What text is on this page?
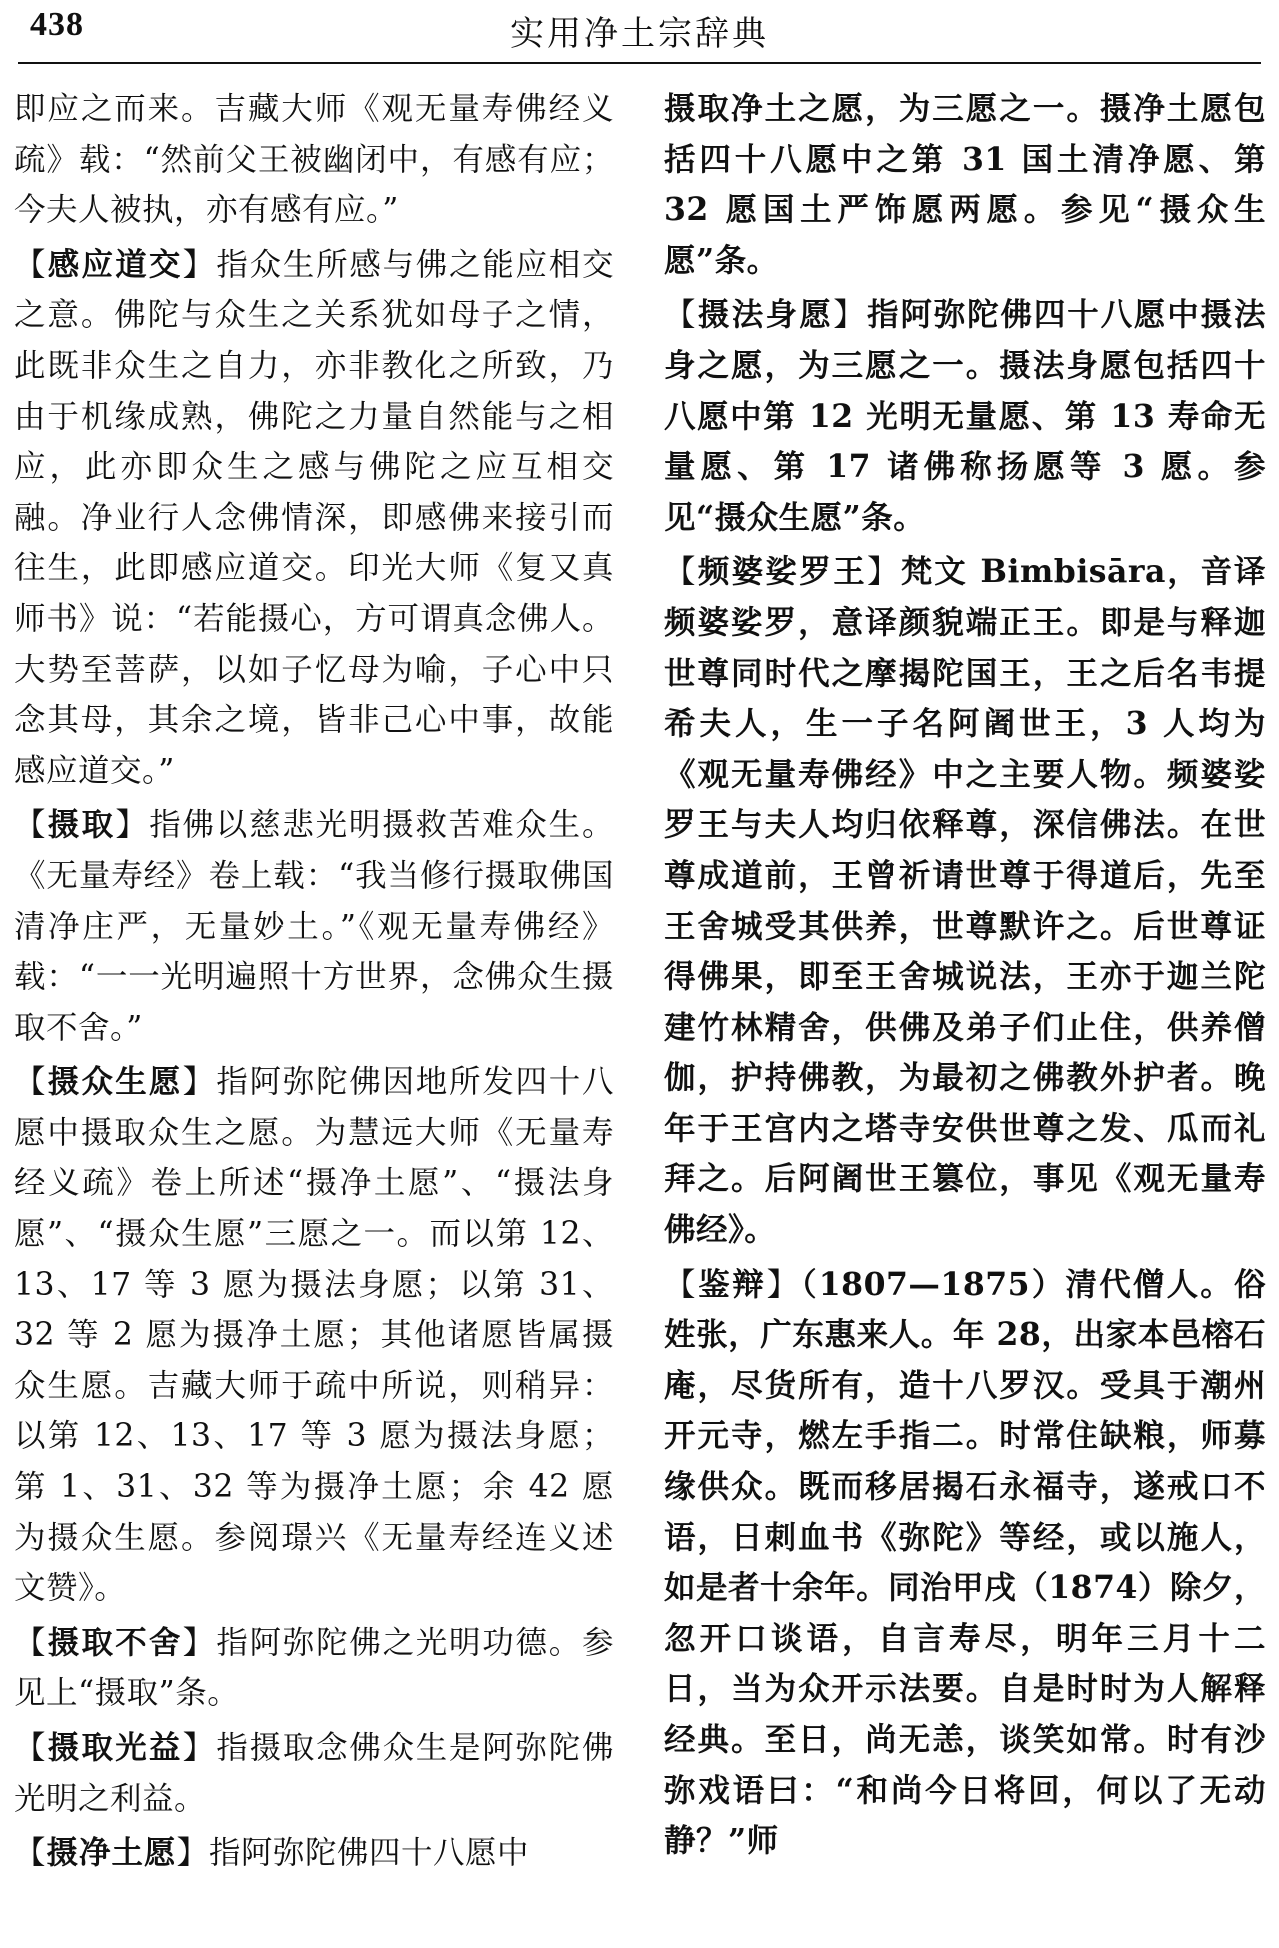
438	实用净土宗辞典

即应之而来。吉藏大师《观无量寿佛经义疏》载：“然前父王被幽闭中，有感有应；今夫人被执，亦有感有应。”

【感应道交】指众生所感与佛之能应相交之意。佛陀与众生之关系犹如母子之情，此既非众生之自力，亦非教化之所致，乃由于机缘成熟，佛陀之力量自然能与之相应，此亦即众生之感与佛陀之应互相交融。净业行人念佛情深，即感佛来接引而往生，此即感应道交。印光大师《复又真师书》说：“若能摄心，方可谓真念佛人。大势至菩萨，以如子忆母为喻，子心中只念其母，其余之境，皆非己心中事，故能感应道交。”

【摄取】指佛以慈悲光明摄救苦难众生。《无量寿经》卷上载：“我当修行摄取佛国清净庄严，无量妙土。”《观无量寿佛经》载：“一一光明遍照十方世界，念佛众生摄取不舍。”

【摄众生愿】指阿弥陀佛因地所发四十八愿中摄取众生之愿。为慧远大师《无量寿经义疏》卷上所述“摄净土愿”、“摄法身愿”、“摄众生愿”三愿之一。而以第 12、13、17 等 3 愿为摄法身愿；以第 31、32 等 2 愿为摄净土愿；其他诸愿皆属摄众生愿。吉藏大师于疏中所说，则稍异：以第 12、13、17 等 3 愿为摄法身愿；第 1、31、32 等为摄净土愿；余 42 愿为摄众生愿。参阅璟兴《无量寿经连义述文赞》。

【摄取不舍】指阿弥陀佛之光明功德。参见上“摄取”条。

【摄取光益】指摄取念佛众生是阿弥陀佛光明之利益。

【摄净土愿】指阿弥陀佛四十八愿中

摄取净土之愿，为三愿之一。摄净土愿包括四十八愿中之第 31 国土清净愿、第 32 愿国土严饰愿两愿。参见“摄众生愿”条。

【摄法身愿】指阿弥陀佛四十八愿中摄法身之愿，为三愿之一。摄法身愿包括四十八愿中第 12 光明无量愿、第 13 寿命无量愿、第 17 诸佛称扬愿等 3 愿。参见“摄众生愿”条。

【频婆娑罗王】梵文 Bimbisāra，音译频婆娑罗，意译颜貌端正王。即是与释迦世尊同时代之摩揭陀国王，王之后名韦提希夫人，生一子名阿阇世王，3 人均为《观无量寿佛经》中之主要人物。频婆娑罗王与夫人均归依释尊，深信佛法。在世尊成道前，王曾祈请世尊于得道后，先至王舍城受其供养，世尊默许之。后世尊证得佛果，即至王舍城说法，王亦于迦兰陀建竹林精舍，供佛及弟子们止住，供养僧伽，护持佛教，为最初之佛教外护者。晚年于王宫内之塔寺安供世尊之发、瓜而礼拜之。后阿阇世王篡位，事见《观无量寿佛经》。

【鉴辩】（1807—1875）清代僧人。俗姓张，广东惠来人。年 28，出家本邑榕石庵，尽货所有，造十八罗汉。受具于潮州开元寺，燃左手指二。时常住缺粮，师募缘供众。既而移居揭石永福寺，遂戒口不语，日刺血书《弥陀》等经，或以施人，如是者十余年。同治甲戌（1874）除夕，忽开口谈语，自言寿尽，明年三月十二日，当为众开示法要。自是时时为人解释经典。至日，尚无恙，谈笑如常。时有沙弥戏语曰：“和尚今日将回，何以了无动静？”师
